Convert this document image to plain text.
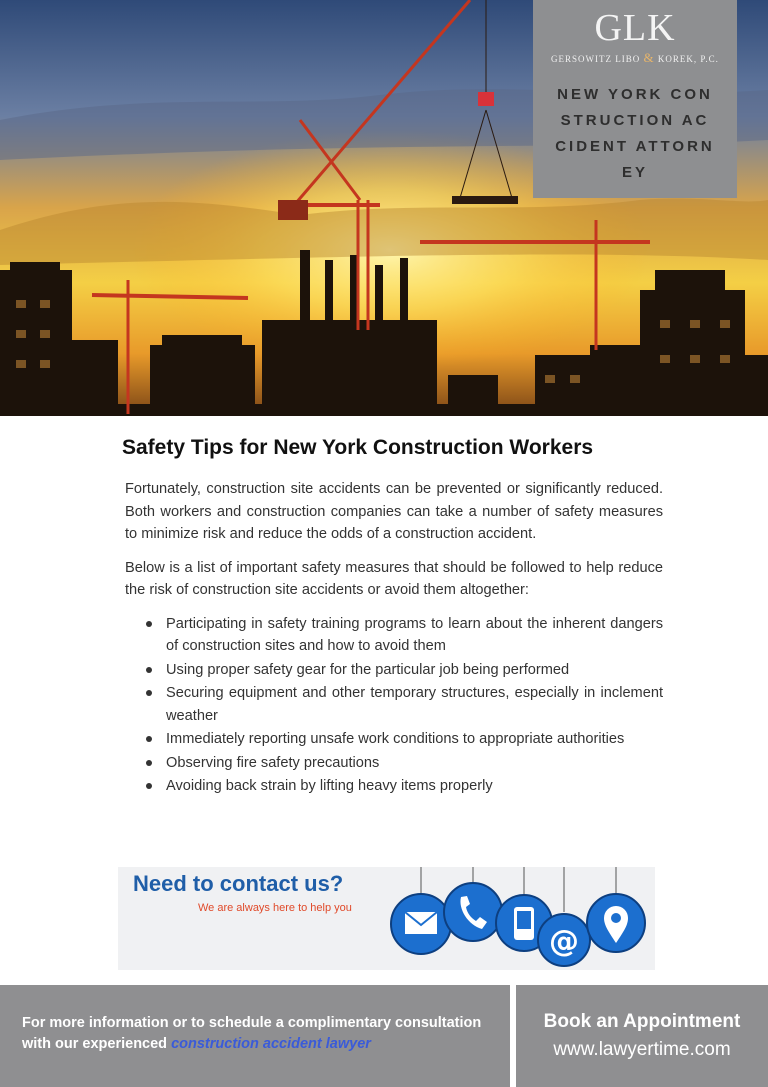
GLK
GERSOWITZ LIBO & KOREK, P.C.
NEW YORK CONSTRUCTION ACCIDENT ATTORNEY
Safety Tips for New York Construction Workers

Fortunately, construction site accidents can be prevented or significantly reduced. Both workers and construction companies can take a number of safety measures to minimize risk and reduce the odds of a construction accident.

Below is a list of important safety measures that should be followed to help reduce the risk of construction site accidents or avoid them altogether:

Participating in safety training programs to learn about the inherent dangers of construction sites and how to avoid them
Using proper safety gear for the particular job being performed
Securing equipment and other temporary structures, especially in inclement weather
Immediately reporting unsafe work conditions to appropriate authorities
Observing fire safety precautions
Avoiding back strain by lifting heavy items properly
Need to contact us?
We are always here to help you
@
For more information or to schedule a complimentary consultation with our experienced construction accident lawyer
Book an Appointment
www.lawyertime.com
